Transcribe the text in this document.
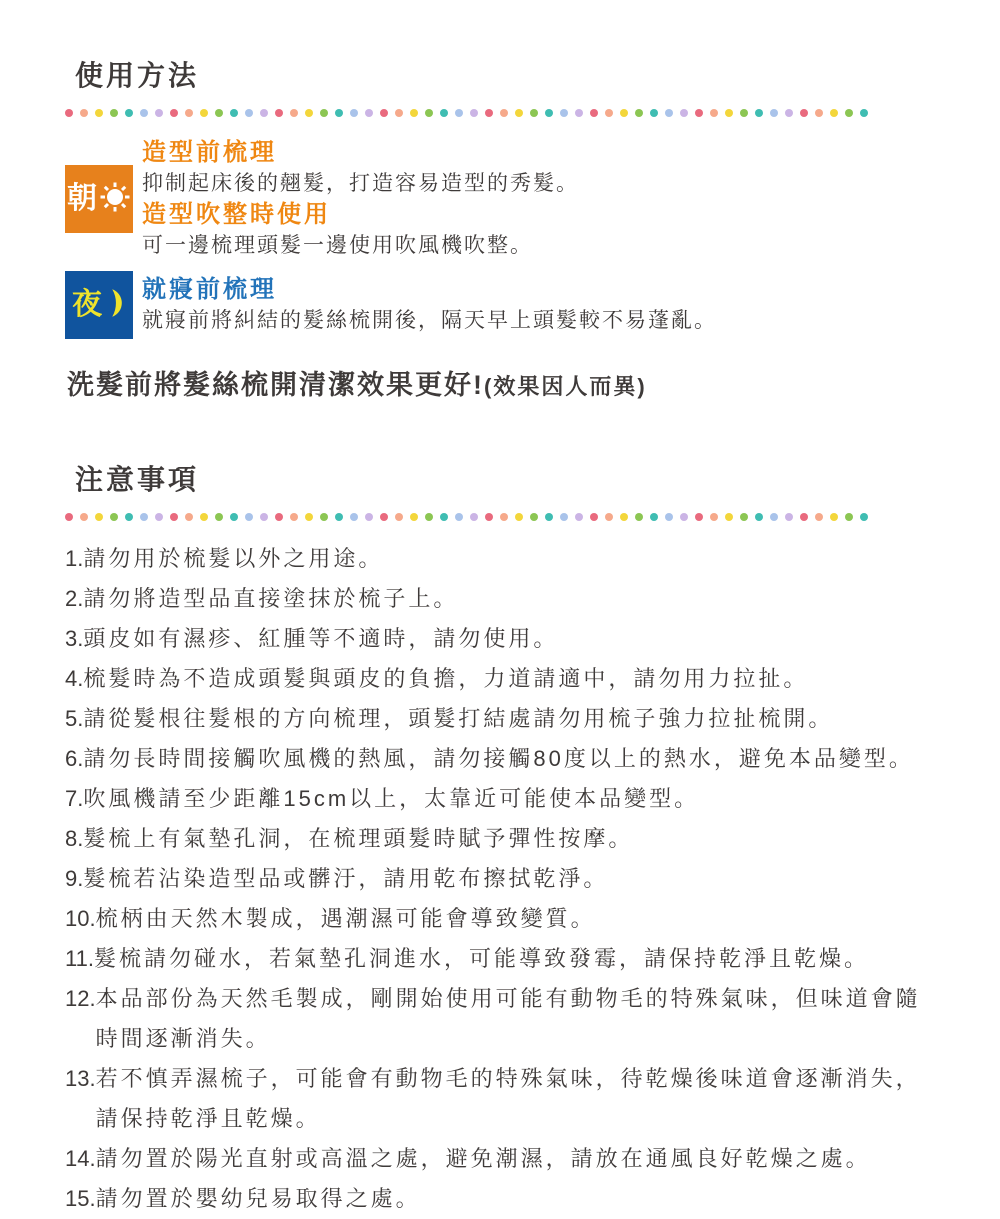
使用方法
朝
造型前梳理
抑制起床後的翹髮，打造容易造型的秀髮。
造型吹整時使用
可一邊梳理頭髮一邊使用吹風機吹整。
夜 就寢前梳理
就寢前將糾結的髮絲梳開後，隔天早上頭髮較不易蓬亂。

洗髮前將髮絲梳開清潔效果更好!(效果因人而異)

注意事項
1. 請勿用於梳髮以外之用途。
2. 請勿將造型品直接塗抹於梳子上。
3. 頭皮如有濕疹、紅腫等不適時，請勿使用。
4. 梳髮時為不造成頭髮與頭皮的負擔，力道請適中，請勿用力拉扯。
5. 請從髮根往髮根的方向梳理，頭髮打結處請勿用梳子強力拉扯梳開。
6. 請勿長時間接觸吹風機的熱風，請勿接觸80度以上的熱水，避免本品變型。
7. 吹風機請至少距離15cm以上，太靠近可能使本品變型。
8. 髮梳上有氣墊孔洞，在梳理頭髮時賦予彈性按摩。
9. 髮梳若沾染造型品或髒汙，請用乾布擦拭乾淨。
10. 梳柄由天然木製成，遇潮濕可能會導致變質。
11. 髮梳請勿碰水，若氣墊孔洞進水，可能導致發霉，請保持乾淨且乾燥。
12. 本品部份為天然毛製成，剛開始使用可能有動物毛的特殊氣味，但味道會隨時間逐漸消失。
13. 若不慎弄濕梳子，可能會有動物毛的特殊氣味，待乾燥後味道會逐漸消失，請保持乾淨且乾燥。
14. 請勿置於陽光直射或高溫之處，避免潮濕，請放在通風良好乾燥之處。
15. 請勿置於嬰幼兒易取得之處。
